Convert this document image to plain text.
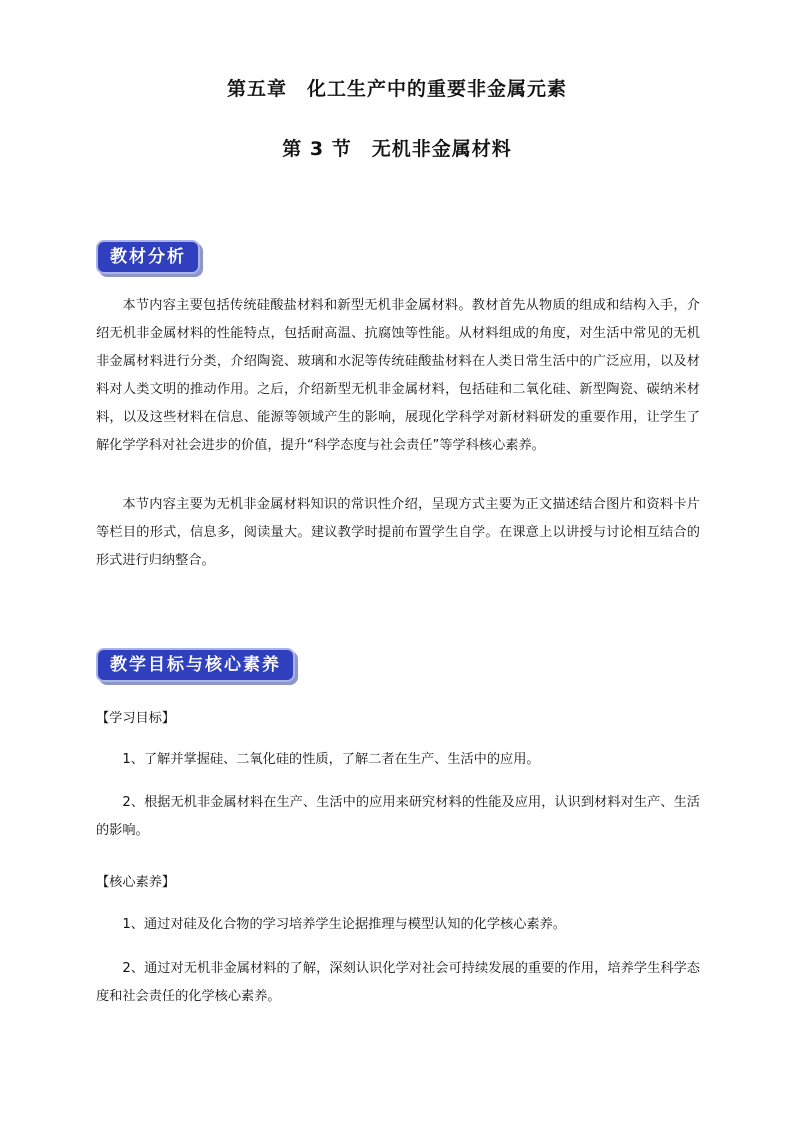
第五章　化工生产中的重要非金属元素
第 3 节　无机非金属材料
教材分析

本节内容主要包括传统硅酸盐材料和新型无机非金属材料。教材首先从物质的组成和结构入手，介绍无机非金属材料的性能特点，包括耐高温、抗腐蚀等性能。从材料组成的角度，对生活中常见的无机非金属材料进行分类，介绍陶瓷、玻璃和水泥等传统硅酸盐材料在人类日常生活中的广泛应用，以及材料对人类文明的推动作用。之后，介绍新型无机非金属材料，包括硅和二氧化硅、新型陶瓷、碳纳米材料，以及这些材料在信息、能源等领域产生的影响，展现化学科学对新材料研发的重要作用，让学生了解化学学科对社会进步的价值，提升“科学态度与社会责任”等学科核心素养。

本节内容主要为无机非金属材料知识的常识性介绍，呈现方式主要为正文描述结合图片和资料卡片等栏目的形式，信息多，阅读量大。建议教学时提前布置学生自学。在课意上以讲授与讨论相互结合的形式进行归纳整合。

教学目标与核心素养
【学习目标】

1、了解并掌握硅、二氧化硅的性质，了解二者在生产、生活中的应用。

2、根据无机非金属材料在生产、生活中的应用来研究材料的性能及应用，认识到材料对生产、生活的影响。

【核心素养】

1、通过对硅及化合物的学习培养学生论据推理与模型认知的化学核心素养。

2、通过对无机非金属材料的了解，深刻认识化学对社会可持续发展的重要的作用，培养学生科学态度和社会责任的化学核心素养。
